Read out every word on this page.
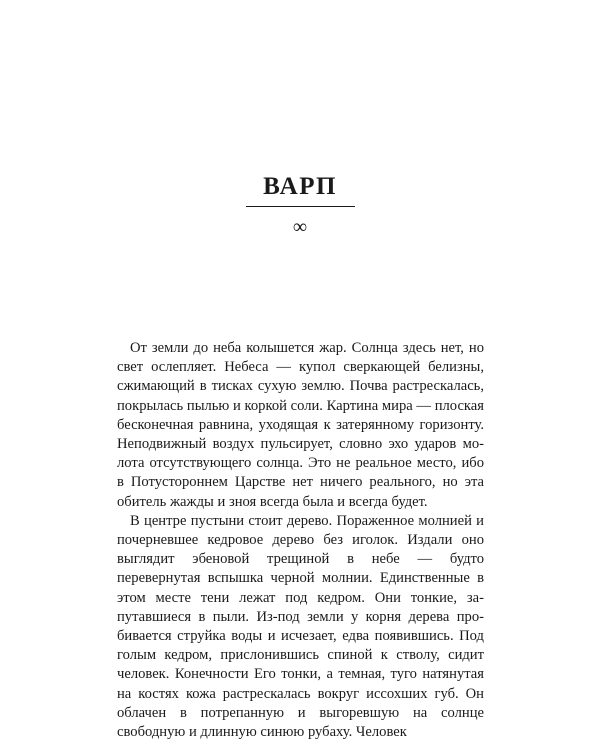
ВАРП
∞

От земли до неба колышется жар. Солнца здесь нет, но свет ослепляет. Небеса — купол сверкающей белизны, сжимающий в тисках сухую землю. Почва растрескалась, покрылась пылью и коркой соли. Картина мира — плоская бесконечная равнина, уходящая к затерянному горизонту. Неподвижный воздух пульсирует, словно эхо ударов молота отсутствующего солнца. Это не реальное место, ибо в Потустороннем Царстве нет ничего реального, но эта обитель жажды и зноя всегда была и всегда будет.

В центре пустыни стоит дерево. Пораженное молнией и почерневшее кедровое дерево без иголок. Издали оно выглядит эбеновой трещиной в небе — будто перевернутая вспышка черной молнии. Единственные в этом месте тени лежат под кедром. Они тонкие, запутавшиеся в пыли. Из-под земли у корня дерева пробивается струйка воды и исчезает, едва появившись. Под голым кедром, прислонившись спиной к стволу, сидит человек. Конечности Его тонки, а темная, туго натянутая на костях кожа растрескалась вокруг иссохших губ. Он облачен в потрепанную и выгоревшую на солнце свободную и длинную синюю рубаху. Человек
